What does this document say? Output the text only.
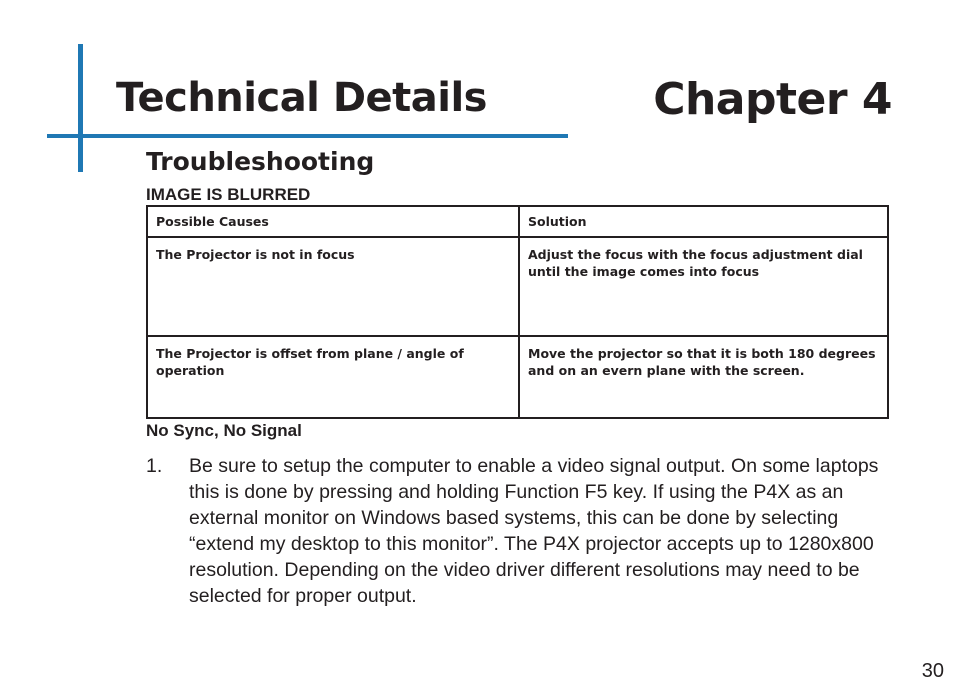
Technical Details	Chapter 4
Troubleshooting
IMAGE IS BLURRED
Possible Causes	Solution
The Projector is not in focus	Adjust the focus with the focus adjustment dial until the image comes into focus
The Projector is offset from plane / angle of operation	Move the projector so that it is both 180 degrees and on an evern plane with the screen.
No Sync, No Signal
1. Be sure to setup the computer to enable a video signal output. On some laptops this is done by pressing and holding Function F5 key. If using the P4X as an external monitor on Windows based systems, this can be done by selecting “extend my desktop to this monitor”. The P4X projector accepts up to 1280x800 resolution. Depending on the video driver different resolutions may need to be selected for proper output.
30
